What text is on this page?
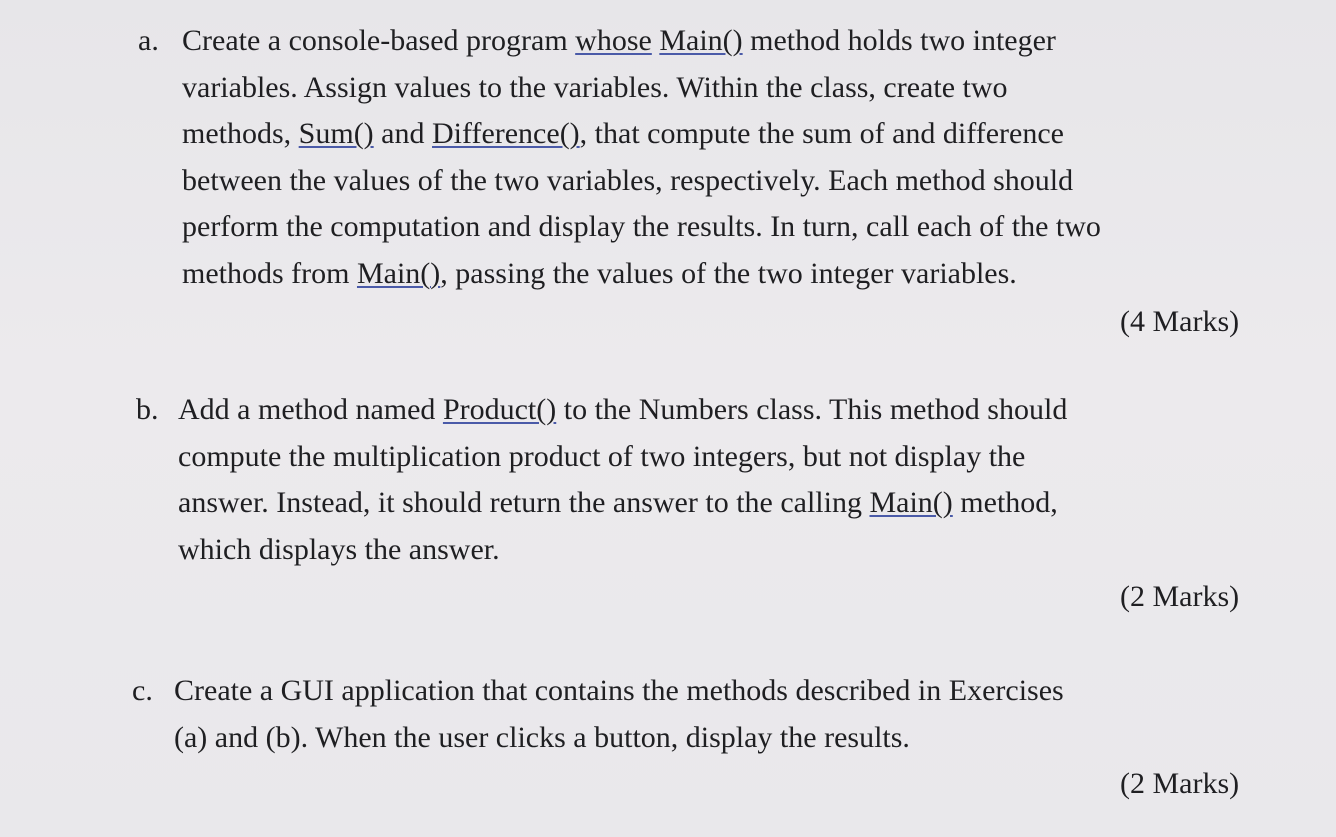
a. Create a console-based program whose Main() method holds two integer
variables. Assign values to the variables. Within the class, create two
methods, Sum() and Difference(), that compute the sum of and difference
between the values of the two variables, respectively. Each method should
perform the computation and display the results. In turn, call each of the two
methods from Main(), passing the values of the two integer variables.
(4 Marks)
b. Add a method named Product() to the Numbers class. This method should
compute the multiplication product of two integers, but not display the
answer. Instead, it should return the answer to the calling Main() method,
which displays the answer.
(2 Marks)
c. Create a GUI application that contains the methods described in Exercises
(a) and (b). When the user clicks a button, display the results.
(2 Marks)
